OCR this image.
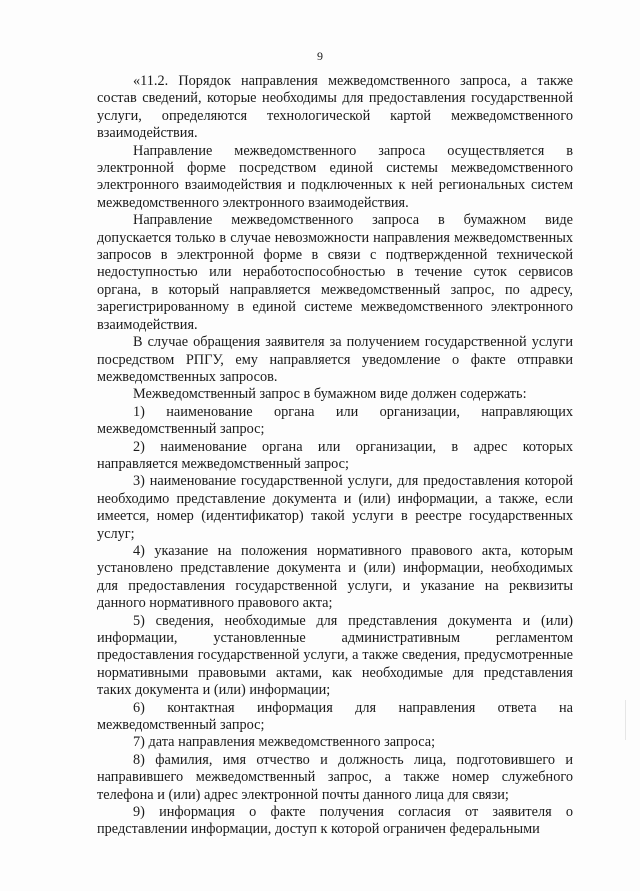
9

«11.2. Порядок направления межведомственного запроса, а также состав сведений, которые необходимы для предоставления государственной услуги, определяются технологической картой межведомственного взаимодействия.

Направление межведомственного запроса осуществляется в электронной форме посредством единой системы межведомственного электронного взаимодействия и подключенных к ней региональных систем межведомственного электронного взаимодействия.

Направление межведомственного запроса в бумажном виде допускается только в случае невозможности направления межведомственных запросов в электронной форме в связи с подтвержденной технической недоступностью или неработоспособностью в течение суток сервисов органа, в который направляется межведомственный запрос, по адресу, зарегистрированному в единой системе межведомственного электронного взаимодействия.

В случае обращения заявителя за получением государственной услуги посредством РПГУ, ему направляется уведомление о факте отправки межведомственных запросов.

Межведомственный запрос в бумажном виде должен содержать:

1) наименование органа или организации, направляющих межведомственный запрос;

2) наименование органа или организации, в адрес которых направляется межведомственный запрос;

3) наименование государственной услуги, для предоставления которой необходимо представление документа и (или) информации, а также, если имеется, номер (идентификатор) такой услуги в реестре государственных услуг;

4) указание на положения нормативного правового акта, которым установлено представление документа и (или) информации, необходимых для предоставления государственной услуги, и указание на реквизиты данного нормативного правового акта;

5) сведения, необходимые для представления документа и (или) информации, установленные административным регламентом предоставления государственной услуги, а также сведения, предусмотренные нормативными правовыми актами, как необходимые для представления таких документа и (или) информации;

6) контактная информация для направления ответа на межведомственный запрос;

7) дата направления межведомственного запроса;

8) фамилия, имя отчество и должность лица, подготовившего и направившего межведомственный запрос, а также номер служебного телефона и (или) адрес электронной почты данного лица для связи;

9) информация о факте получения согласия от заявителя о представлении информации, доступ к которой ограничен федеральными
